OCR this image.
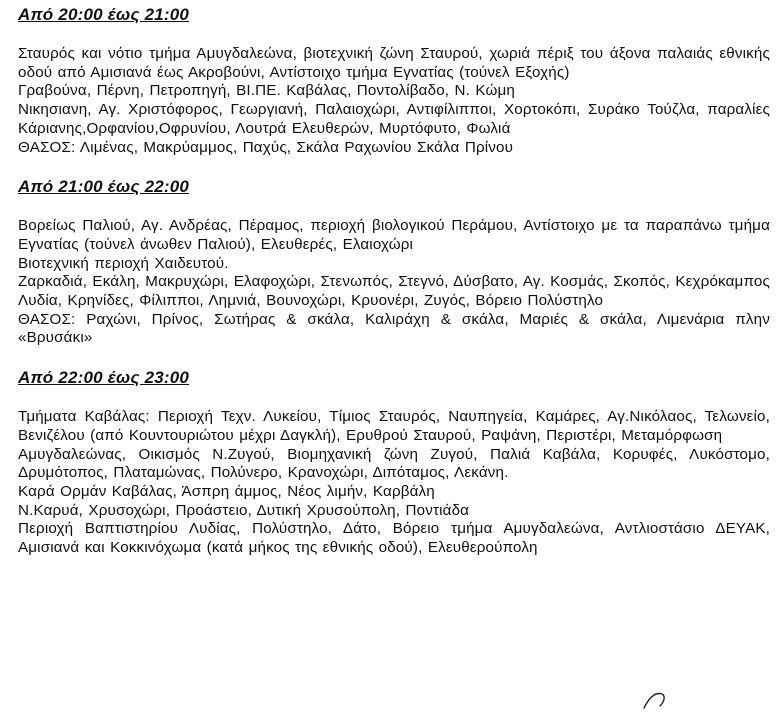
Από 20:00 έως 21:00

Σταυρός και νότιο τμήμα Αμυγδαλεώνα, βιοτεχνική ζώνη Σταυρού, χωριά πέριξ του άξονα παλαιάς εθνικής οδού από Αμισιανά έως Ακροβούνι, Αντίστοιχο τμήμα Εγνατίας (τούνελ Εξοχής)

Γραβούνα, Πέρνη, Πετροπηγή, ΒΙ.ΠΕ. Καβάλας, Ποντολίβαδο, Ν. Κώμη

Νικησιανη, Αγ. Χριστόφορος, Γεωργιανή, Παλαιοχώρι, Αντιφίλιπποι, Χορτοκόπι, Συράκο Τούζλα, παραλίες Κάριανης,Ορφανίου,Οφρυνίου, Λουτρά Ελευθερών, Μυρτόφυτο, Φωλιά

ΘΑΣΟΣ: Λιμένας, Μακρύαμμος, Παχύς, Σκάλα Ραχωνίου Σκάλα Πρίνου

Από 21:00 έως 22:00

Βορείως Παλιού, Αγ. Ανδρέας, Πέραμος, περιοχή βιολογικού Περάμου, Αντίστοιχο με τα παραπάνω τμήμα Εγνατίας (τούνελ άνωθεν Παλιού), Ελευθερές, Ελαιοχώρι

Βιοτεχνική περιοχή Χαιδευτού.

Ζαρκαδιά, Εκάλη, Μακρυχώρι, Ελαφοχώρι, Στενωπός, Στεγνό, Δύσβατο, Αγ. Κοσμάς, Σκοπός, Κεχρόκαμπος

Λυδία, Κρηνίδες, Φίλιπποι, Λημνιά, Βουνοχώρι, Κρυονέρι, Ζυγός, Βόρειο Πολύστηλο

ΘΑΣΟΣ: Ραχώνι, Πρίνος, Σωτήρας & σκάλα, Καλιράχη & σκάλα, Μαριές & σκάλα, Λιμενάρια πλην «Βρυσάκι»

Από 22:00 έως 23:00

Τμήματα Καβάλας: Περιοχή Τεχν. Λυκείου, Τίμιος Σταυρός, Ναυπηγεία, Καμάρες, Αγ.Νικόλαος, Τελωνείο, Βενιζέλου (από Κουντουριώτου μέχρι Δαγκλή), Ερυθρού Σταυρού, Ραψάνη, Περιστέρι, Μεταμόρφωση

Αμυγδαλεώνας, Οικισμός Ν.Ζυγού, Βιομηχανική ζώνη Ζυγού, Παλιά Καβάλα, Κορυφές, Λυκόστομο, Δρυμότοπος, Πλαταμώνας, Πολύνερο, Κρανοχώρι, Διπόταμος, Λεκάνη.

Καρά Ορμάν Καβάλας, Άσπρη άμμος, Νέος λιμήν, Καρβάλη

Ν.Καρυά, Χρυσοχώρι, Προάστειο, Δυτική Χρυσούπολη, Ποντιάδα

Περιοχή Βαπτιστηρίου Λυδίας, Πολύστηλο, Δάτο, Βόρειο τμήμα Αμυγδαλεώνα, Αντλιοστάσιο ΔΕΥΑΚ, Αμισιανά και Κοκκινόχωμα (κατά μήκος της εθνικής οδού), Ελευθερούπολη
